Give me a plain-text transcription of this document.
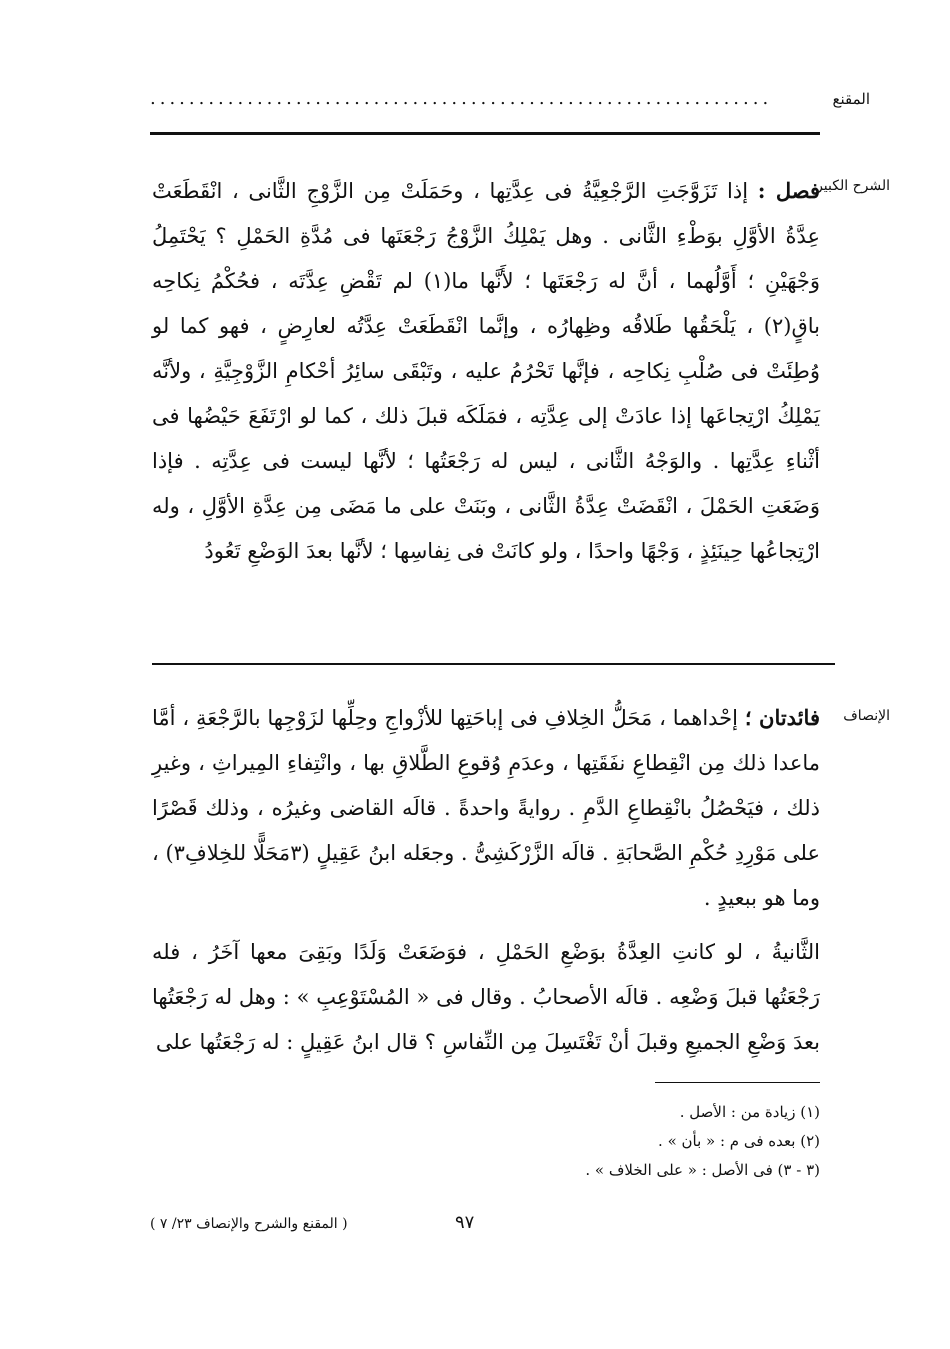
المقنع
................................................................
الشرح الكبير
فصل : إذا تَزَوَّجَتِ الرَّجْعِيَّةُ فى عِدَّتِها ، وحَمَلَتْ مِن الزَّوْجِ الثَّانى ، انْقَطَعَتْ عِدَّةُ الأوَّلِ بوَطْءِ الثَّانى . وهل يَمْلِكُ الزَّوْجُ رَجْعَتَها فى مُدَّةِ الحَمْلِ ؟ يَحْتَمِلُ وَجْهَيْنِ ؛ أَوَّلُهما ، أنَّ له رَجْعَتَها ؛ لأَنَّها ما(١) لم تَقْضِ عِدَّتَه ، فحُكْمُ نِكاحِه باقٍ(٢) ، يَلْحَقُها طَلاقُه وظِهارُه ، وإنَّما انْقَطَعَتْ عِدَّتُه لعارِضٍ ، فهو كما لو وُطِئَتْ فى صُلْبِ نِكاحِه ، فإنَّها تَحْرُمُ عليه ، وتَبْقَى سائِرُ أحْكامِ الزَّوْجِيَّةِ ، ولأنَّه يَمْلِكُ ارْتِجاعَها إذا عادَتْ إلى عِدَّتِه ، فمَلَكَه قبلَ ذلك ، كما لو ارْتَفَعَ حَيْضُها فى أثْناءِ عِدَّتِها . والوَجْهُ الثَّانى ، ليس له رَجْعَتُها ؛ لأنَّها ليست فى عِدَّتِه . فإذا وَضَعَتِ الحَمْلَ ، انْقَضَتْ عِدَّةُ الثَّانى ، وبَنَتْ على ما مَضَى مِن عِدَّةِ الأوَّلِ ، وله ارْتِجاعُها حِينَئِذٍ ، وَجْهًا واحدًا ، ولو كانَتْ فى نِفاسِها ؛ لأنَّها بعدَ الوَضْعِ تَعُودُ
الإنصاف
فائدتان ؛ إحْداهما ، مَحَلُّ الخِلافِ فى إباحَتِها للأزْواجِ وحِلِّها لزَوْجِها بالرَّجْعَةِ ، أمَّا ماعدا ذلك مِن انْقِطاعِ نفَقَتِها ، وعدَمِ وُقوعِ الطَّلاقِ بها ، وانْتِفاءِ المِيراثِ ، وغيرِ ذلك ، فيَحْصُلُ بانْقِطاعِ الدَّمِ . روايةً واحدةً . قالَه القاضى وغيرُه ، وذلك قَصْرًا على مَوْرِدِ حُكْمِ الصَّحابَةِ . قالَه الزَّرْكَشِىُّ . وجعَله ابنُ عَقِيلٍ (٣مَحَلًّا للخِلافِ٣) ، وما هو ببعيدٍ .
الثَّانيةُ ، لو كانتِ العِدَّةُ بوَضْعِ الحَمْلِ ، فوَضَعَتْ وَلَدًا وبَقِىَ معها آخَرُ ، فله رَجْعَتُها قبلَ وَضْعِه . قالَه الأصحابُ . وقال فى « المُسْتَوْعِبِ » : وهل له رَجْعَتُها بعدَ وَضْعِ الجميعِ وقبلَ أنْ تَغْتَسِلَ مِن النِّفاسِ ؟ قال ابنُ عَقِيلٍ : له رَجْعَتُها على
(١) زيادة من : الأصل .
(٢) بعده فى م : « بأن » .
(٣ - ٣) فى الأصل : « على الخلاف » .
٩٧
( المقنع والشرح والإنصاف ٢٣/ ٧ )
